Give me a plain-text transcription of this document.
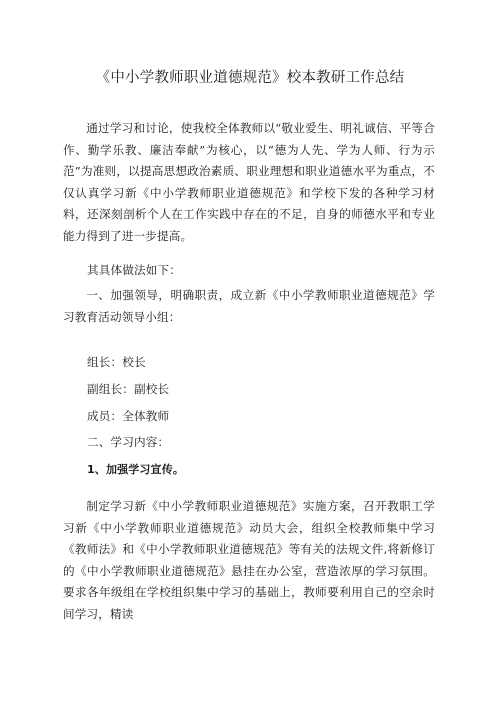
《中小学教师职业道德规范》校本教研工作总结

通过学习和讨论，使我校全体教师以“敬业爱生、明礼诚信、平等合作、勤学乐教、廉洁奉献”为核心，以“德为人先、学为人师、行为示范”为准则，以提高思想政治素质、职业理想和职业道德水平为重点，不仅认真学习新《中小学教师职业道德规范》和学校下发的各种学习材料，还深刻剖析个人在工作实践中存在的不足，自身的师德水平和专业能力得到了进一步提高。

其具体做法如下：

一、加强领导，明确职责，成立新《中小学教师职业道德规范》学习教育活动领导小组：

组长：校长
副组长：副校长
成员：全体教师
二、学习内容：
1、加强学习宣传。

制定学习新《中小学教师职业道德规范》实施方案，召开教职工学习新《中小学教师职业道德规范》动员大会，组织全校教师集中学习《教师法》和《中小学教师职业道德规范》等有关的法规文件,将新修订的《中小学教师职业道德规范》悬挂在办公室，营造浓厚的学习氛围。要求各年级组在学校组织集中学习的基础上，教师要利用自己的空余时间学习，精读
